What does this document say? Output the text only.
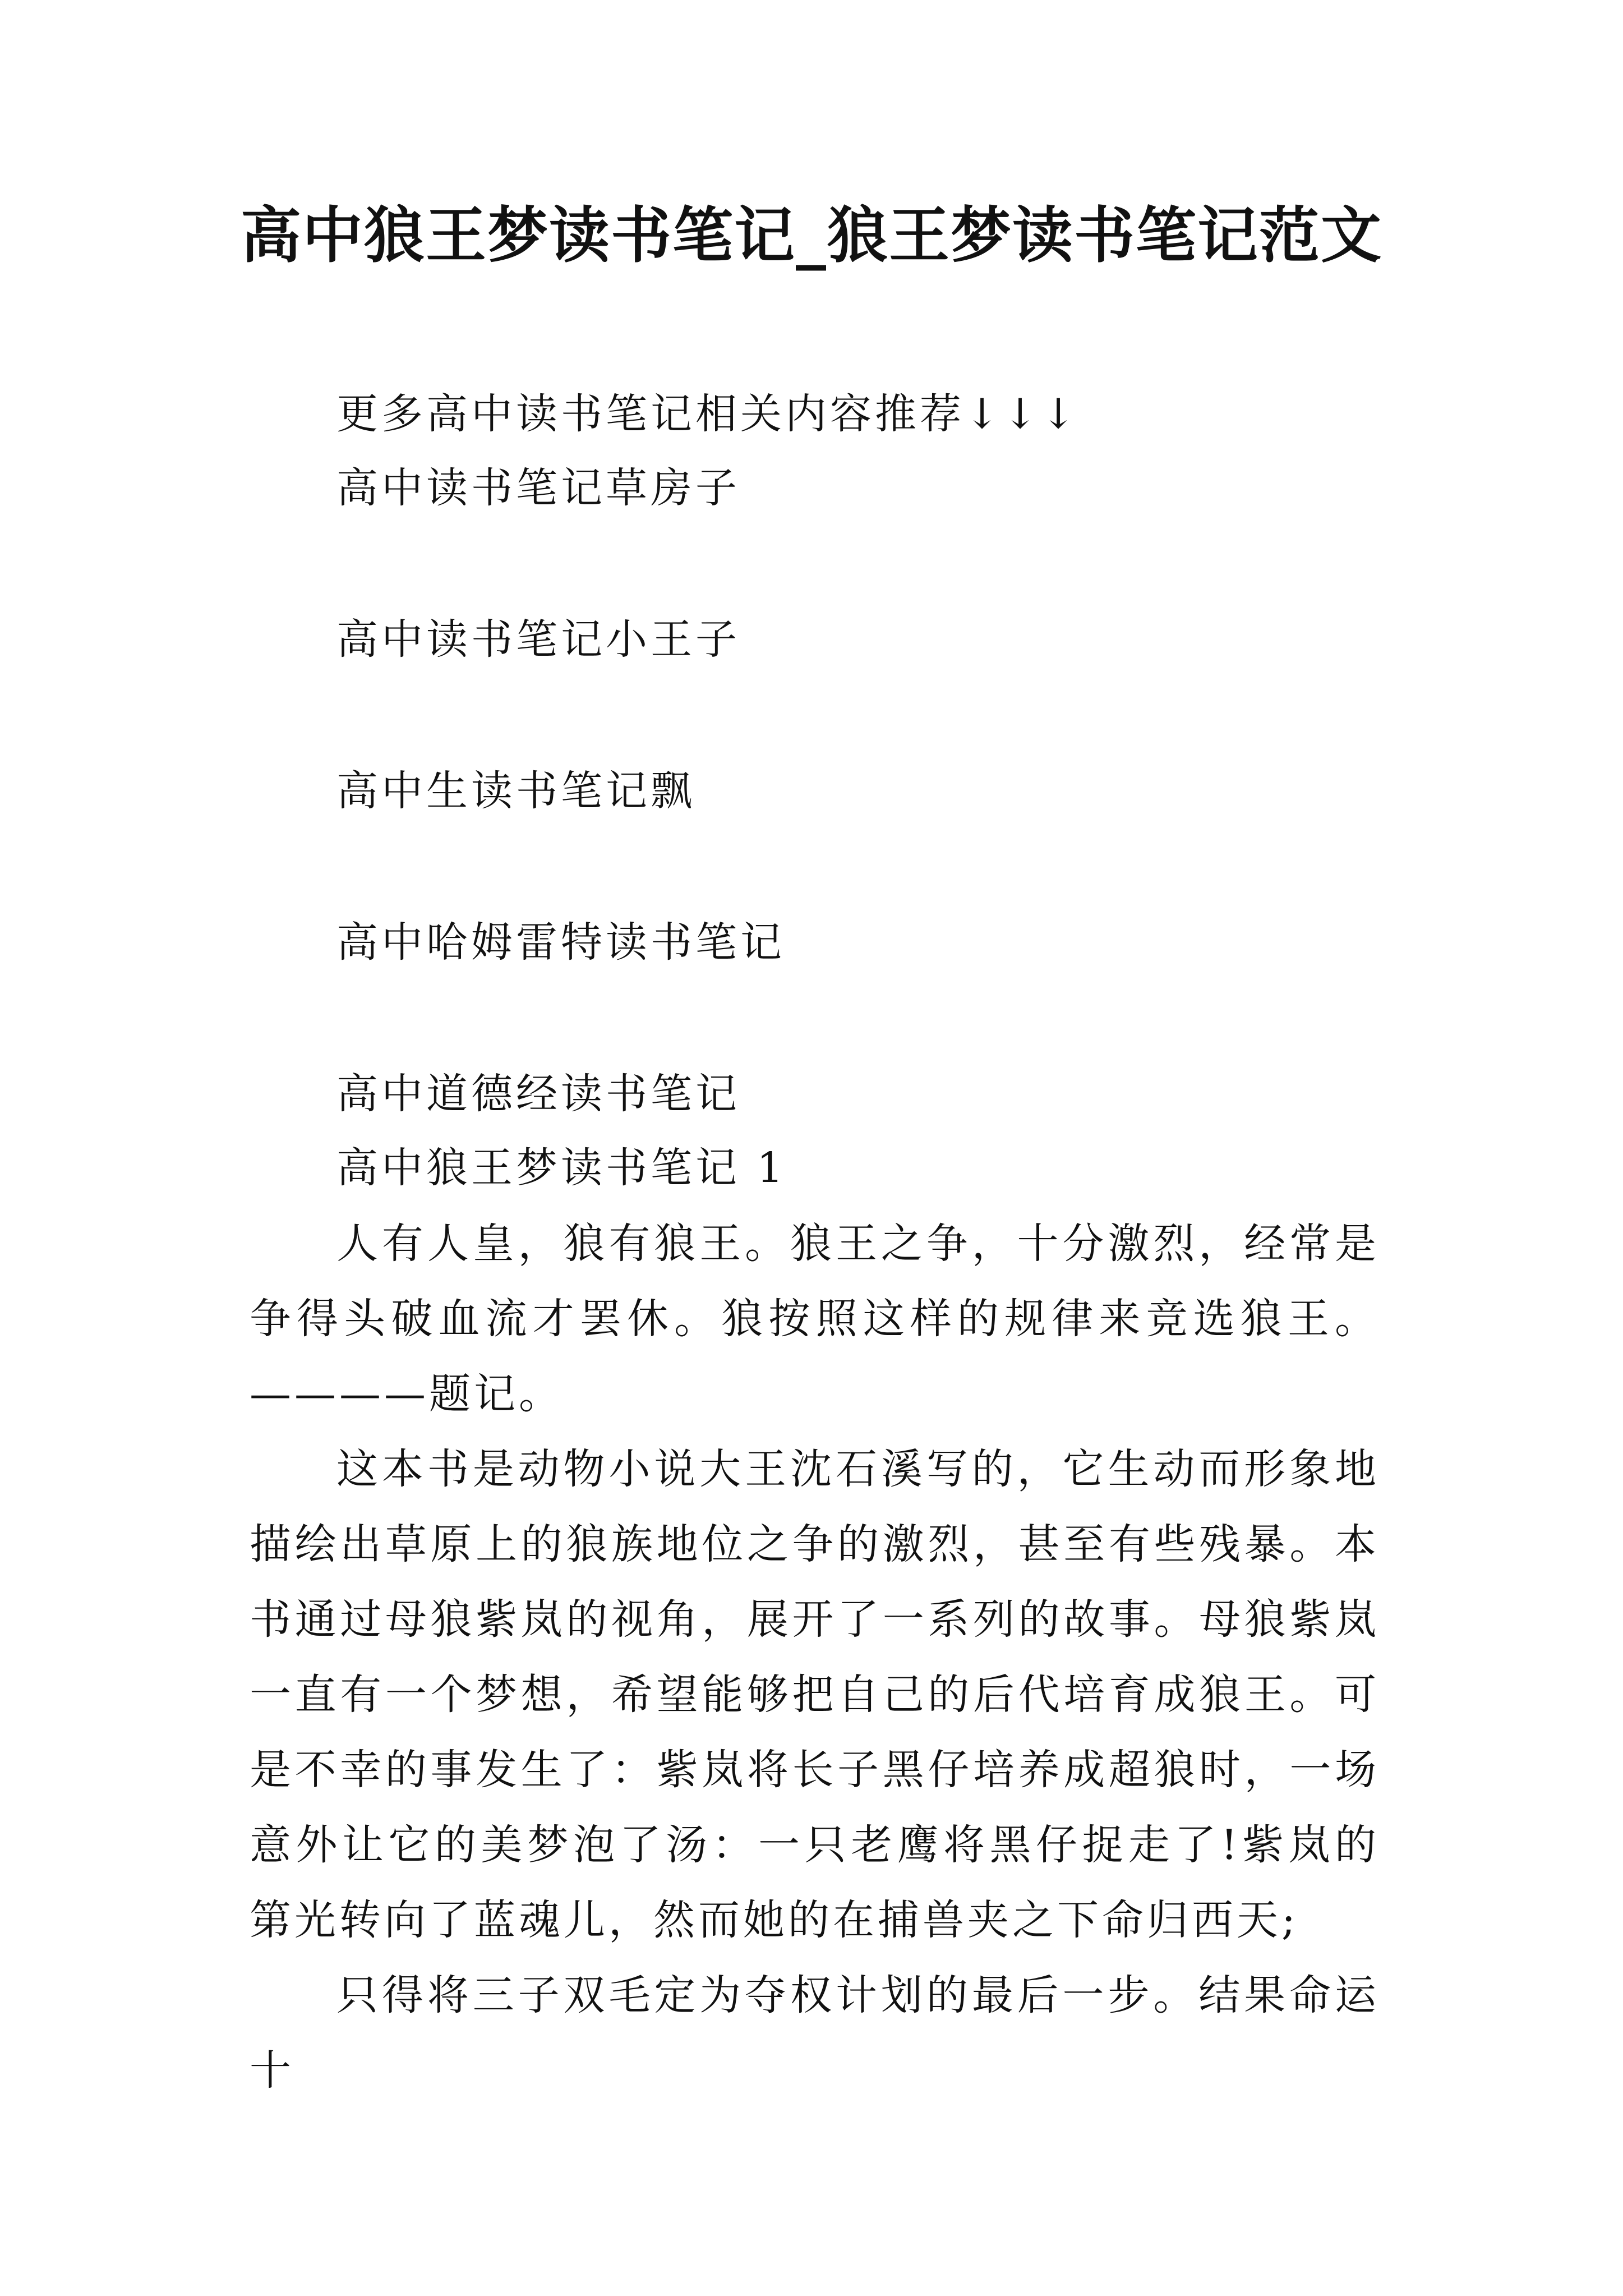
高中狼王梦读书笔记_狼王梦读书笔记范文
更多高中读书笔记相关内容推荐↓↓↓
高中读书笔记草房子
高中读书笔记小王子
高中生读书笔记飘
高中哈姆雷特读书笔记
高中道德经读书笔记
高中狼王梦读书笔记 1

人有人皇，狼有狼王。狼王之争，十分激烈，经常是争得头破血流才罢休。狼按照这样的规律来竞选狼王。————题记。

这本书是动物小说大王沈石溪写的，它生动而形象地描绘出草原上的狼族地位之争的激烈，甚至有些残暴。本书通过母狼紫岚的视角，展开了一系列的故事。母狼紫岚一直有一个梦想，希望能够把自己的后代培育成狼王。可是不幸的事发生了：紫岚将长子黑仔培养成超狼时，一场意外让它的美梦泡了汤：一只老鹰将黑仔捉走了!紫岚的第光转向了蓝魂儿，然而她的在捕兽夹之下命归西天;

只得将三子双毛定为夺权计划的最后一步。结果命运十
